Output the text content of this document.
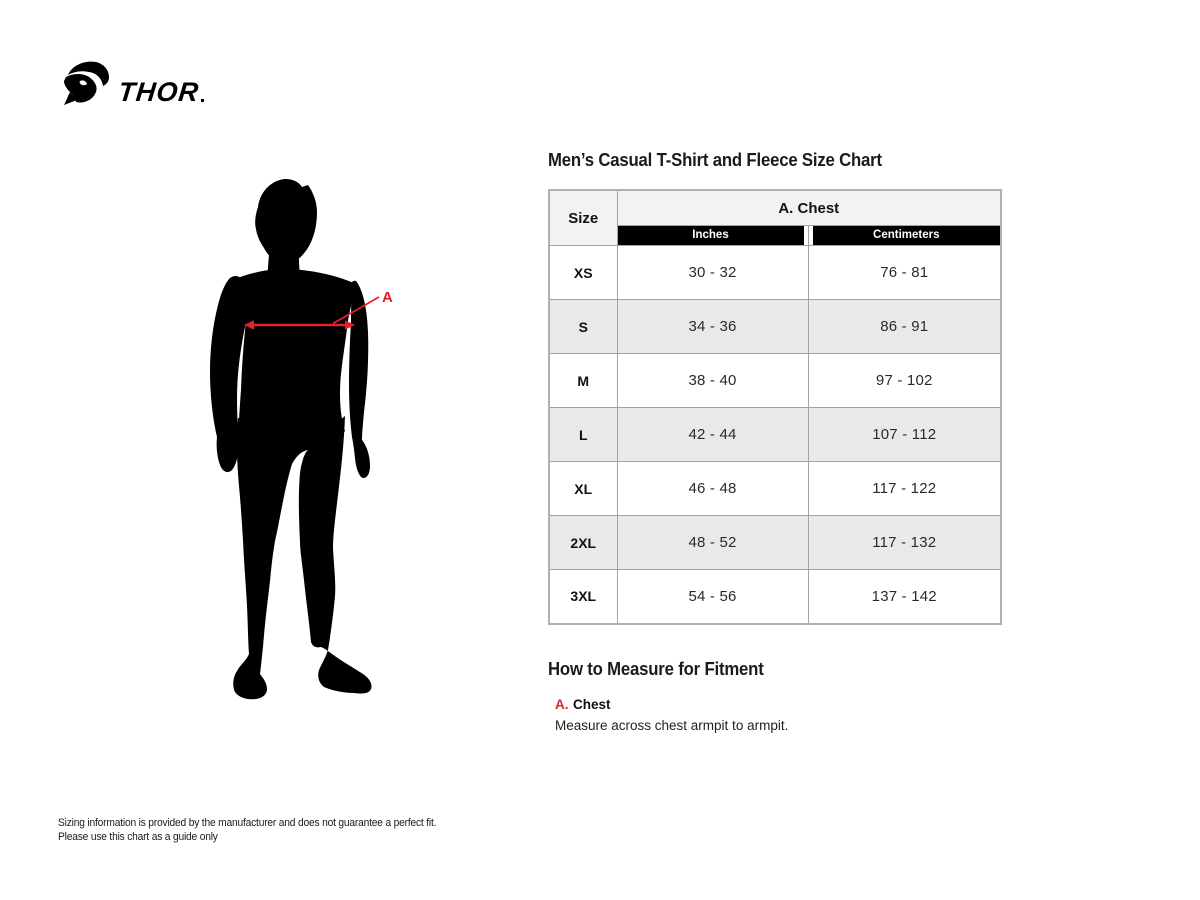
THOR
A
Men’s Casual T-Shirt and Fleece Size Chart
Size	A. Chest	

	Inches	Centimeters

XS	30 - 32	76 - 81
S	34 - 36	86 - 91
M	38 - 40	97 - 102
L	42 - 44	107 - 112
XL	46 - 48	117 - 122
2XL	48 - 52	117 - 132
3XL	54 - 56	137 - 142
How to Measure for Fitment
A. Chest
Measure across chest armpit to armpit.
Sizing information is provided by the manufacturer and does not guarantee a perfect fit.
Please use this chart as a guide only
